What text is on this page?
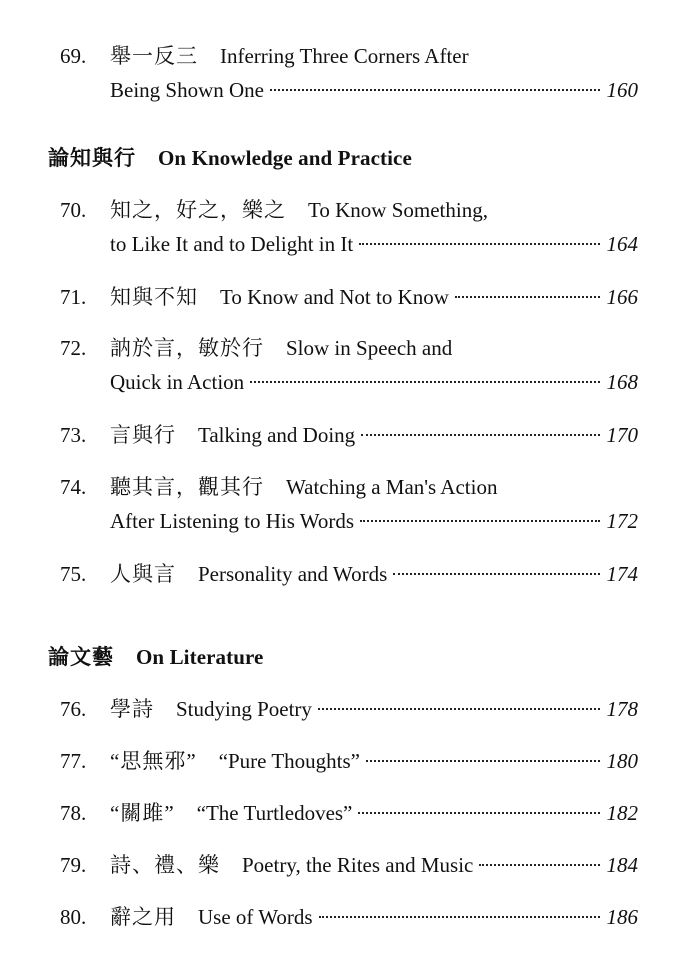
69.	舉一反三 Inferring Three Corners After
Being Shown One	160
論知與行 On Knowledge and Practice
70.	知之，好之，樂之 To Know Something,
to Like It and to Delight in It	164
71.	知與不知 To Know and Not to Know	166
72.	訥於言，敏於行 Slow in Speech and
Quick in Action	168
73.	言與行 Talking and Doing	170
74.	聽其言，觀其行 Watching a Man's Action
After Listening to His Words	172
75.	人與言 Personality and Words	174
論文藝 On Literature
76.	學詩 Studying Poetry	178
77.	“思無邪” “Pure Thoughts”	180
78.	“關雎” “The Turtledoves”	182
79.	詩、禮、樂 Poetry, the Rites and Music	184
80.	辭之用 Use of Words	186
